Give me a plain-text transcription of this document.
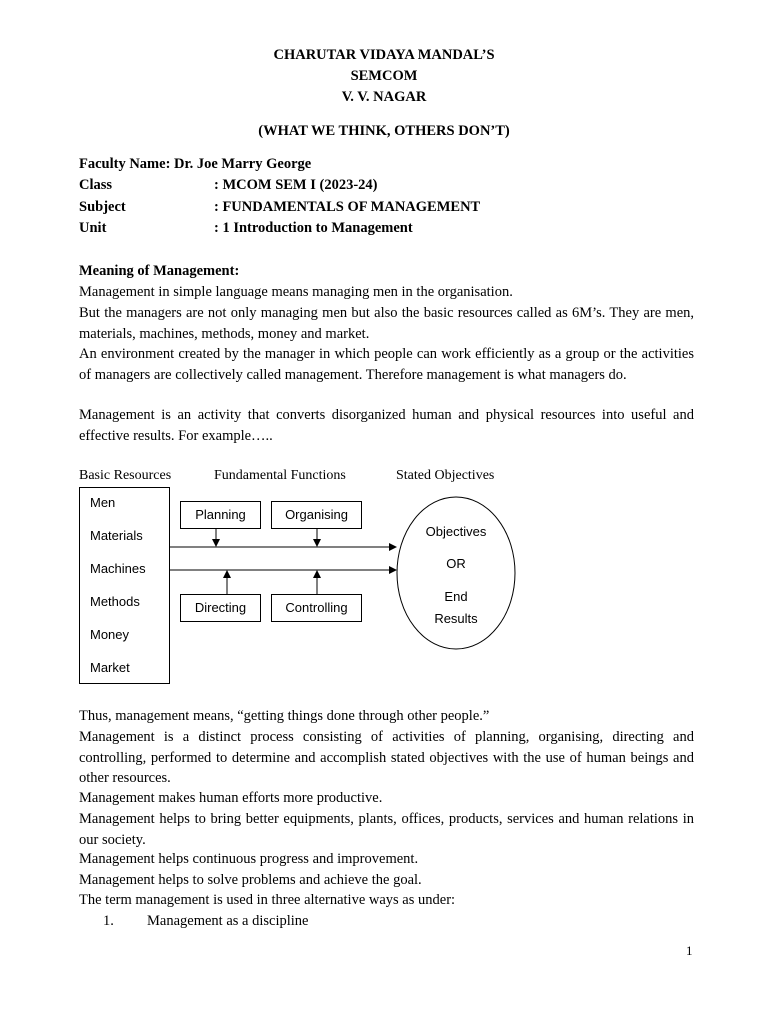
CHARUTAR VIDAYA MANDAL’S
SEMCOM
V. V. NAGAR
(WHAT WE THINK, OTHERS DON’T)
Faculty Name: Dr. Joe Marry George
Class	: MCOM SEM I (2023-24)
Subject	: FUNDAMENTALS OF MANAGEMENT
Unit	: 1 Introduction to Management
Meaning of Management:
Management in simple language means managing men in the organisation.
But the managers are not only managing men but also the basic resources called as 6M’s. They are men, materials, machines, methods, money and market.
An environment created by the manager in which people can work efficiently as a group or the activities of managers are collectively called management. Therefore management is what managers do.
Management is an activity that converts disorganized human and physical resources into useful and effective results. For example…..
Basic Resources	Fundamental Functions	Stated Objectives
Men
Materials
Machines
Methods
Money
Market
Planning	Organising
Directing	Controlling
Objectives
OR
End
Results
Thus, management means, “getting things done through other people.”
Management is a distinct process consisting of activities of planning, organising, directing and controlling, performed to determine and accomplish stated objectives with the use of human beings and other resources.
Management makes human efforts more productive.
Management helps to bring better equipments, plants, offices, products, services and human relations in our society.
Management helps continuous progress and improvement.
Management helps to solve problems and achieve the goal.
The term management is used in three alternative ways as under:
1. Management as a discipline
1
